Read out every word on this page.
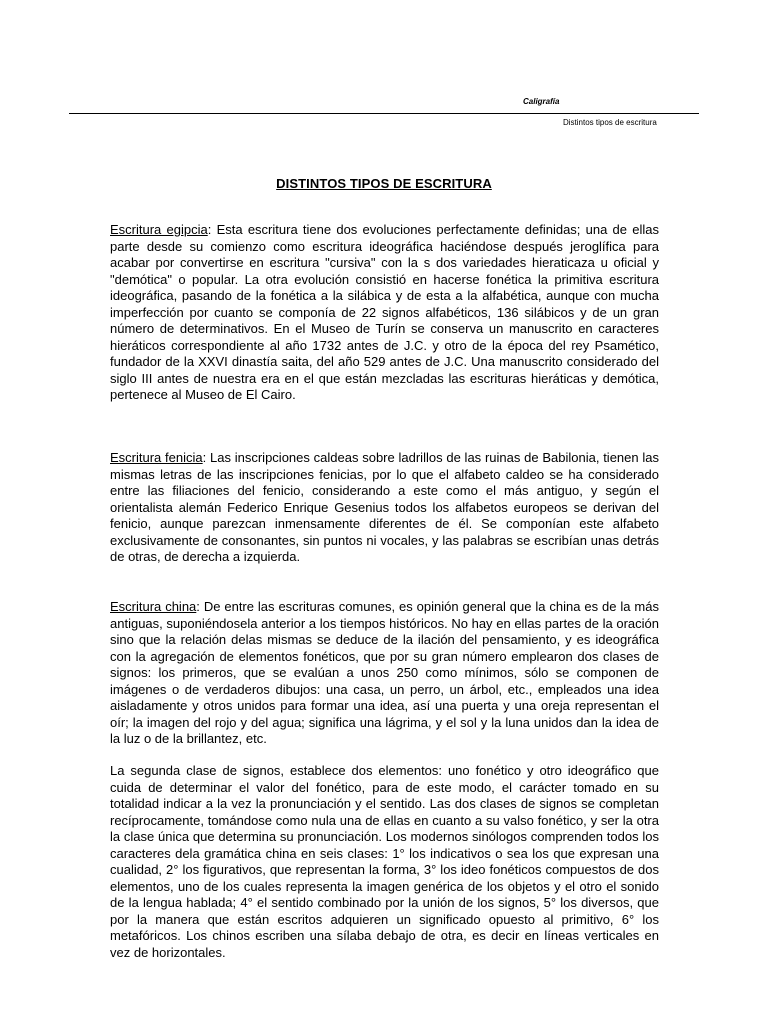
Caligrafía
Distintos tipos de escritura
DISTINTOS TIPOS DE ESCRITURA

Escritura egipcia: Esta escritura tiene dos evoluciones perfectamente definidas; una de ellas parte desde su comienzo como escritura ideográfica haciéndose después jeroglífica para acabar por convertirse en escritura "cursiva" con la s dos variedades hieraticaza u oficial y "demótica" o popular. La otra evolución consistió en hacerse fonética la primitiva escritura ideográfica, pasando de la fonética a la silábica y de esta a la alfabética, aunque con mucha imperfección por cuanto se componía de 22 signos alfabéticos, 136 silábicos y de un gran número de determinativos. En el Museo de Turín se conserva un manuscrito en caracteres hieráticos correspondiente al año 1732 antes de J.C. y otro de la época del rey Psamético, fundador de la XXVI dinastía saita, del año 529 antes de J.C. Una manuscrito considerado del siglo III antes de nuestra era en el que están mezcladas las escrituras hieráticas y demótica, pertenece al Museo de El Cairo.

Escritura fenicia: Las inscripciones caldeas sobre ladrillos de las ruinas de Babilonia, tienen las mismas letras de las inscripciones fenicias, por lo que el alfabeto caldeo se ha considerado entre las filiaciones del fenicio, considerando a este como el más antiguo, y según el orientalista alemán Federico Enrique Gesenius todos los alfabetos europeos se derivan del fenicio, aunque parezcan inmensamente diferentes de él. Se componían este alfabeto exclusivamente de consonantes, sin puntos ni vocales, y las palabras se escribían unas detrás de otras, de derecha a izquierda.

Escritura china: De entre las escrituras comunes, es opinión general que la china es de la más antiguas, suponiéndosela anterior a los tiempos históricos. No hay en ellas partes de la oración sino que la relación delas mismas se deduce de la ilación del pensamiento, y es ideográfica con la agregación de elementos fonéticos, que por su gran número emplearon dos clases de signos: los primeros, que se evalúan a unos 250 como mínimos, sólo se componen de imágenes o de verdaderos dibujos: una casa, un perro, un árbol, etc., empleados una idea aisladamente y otros unidos para formar una idea, así una puerta y una oreja representan el oír; la imagen del rojo y del agua; significa una lágrima, y el sol y la luna unidos dan la idea de la luz o de la brillantez, etc.

La segunda clase de signos, establece dos elementos: uno fonético y otro ideográfico que cuida de determinar el valor del fonético, para de este modo, el carácter tomado en su totalidad indicar a la vez la pronunciación y el sentido. Las dos clases de signos se completan recíprocamente, tomándose como nula una de ellas en cuanto a su valso fonético, y ser la otra la clase única que determina su pronunciación. Los modernos sinólogos comprenden todos los caracteres dela gramática china en seis clases: 1° los indicativos o sea los que expresan una cualidad, 2° los figurativos, que representan la forma, 3° los ideo fonéticos compuestos de dos elementos, uno de los cuales representa la imagen genérica de los objetos y el otro el sonido de la lengua hablada; 4° el sentido combinado por la unión de los signos, 5° los diversos, que por la manera que están escritos adquieren un significado opuesto al primitivo, 6° los metafóricos. Los chinos escriben una sílaba debajo de otra, es decir en líneas verticales en vez de horizontales.
